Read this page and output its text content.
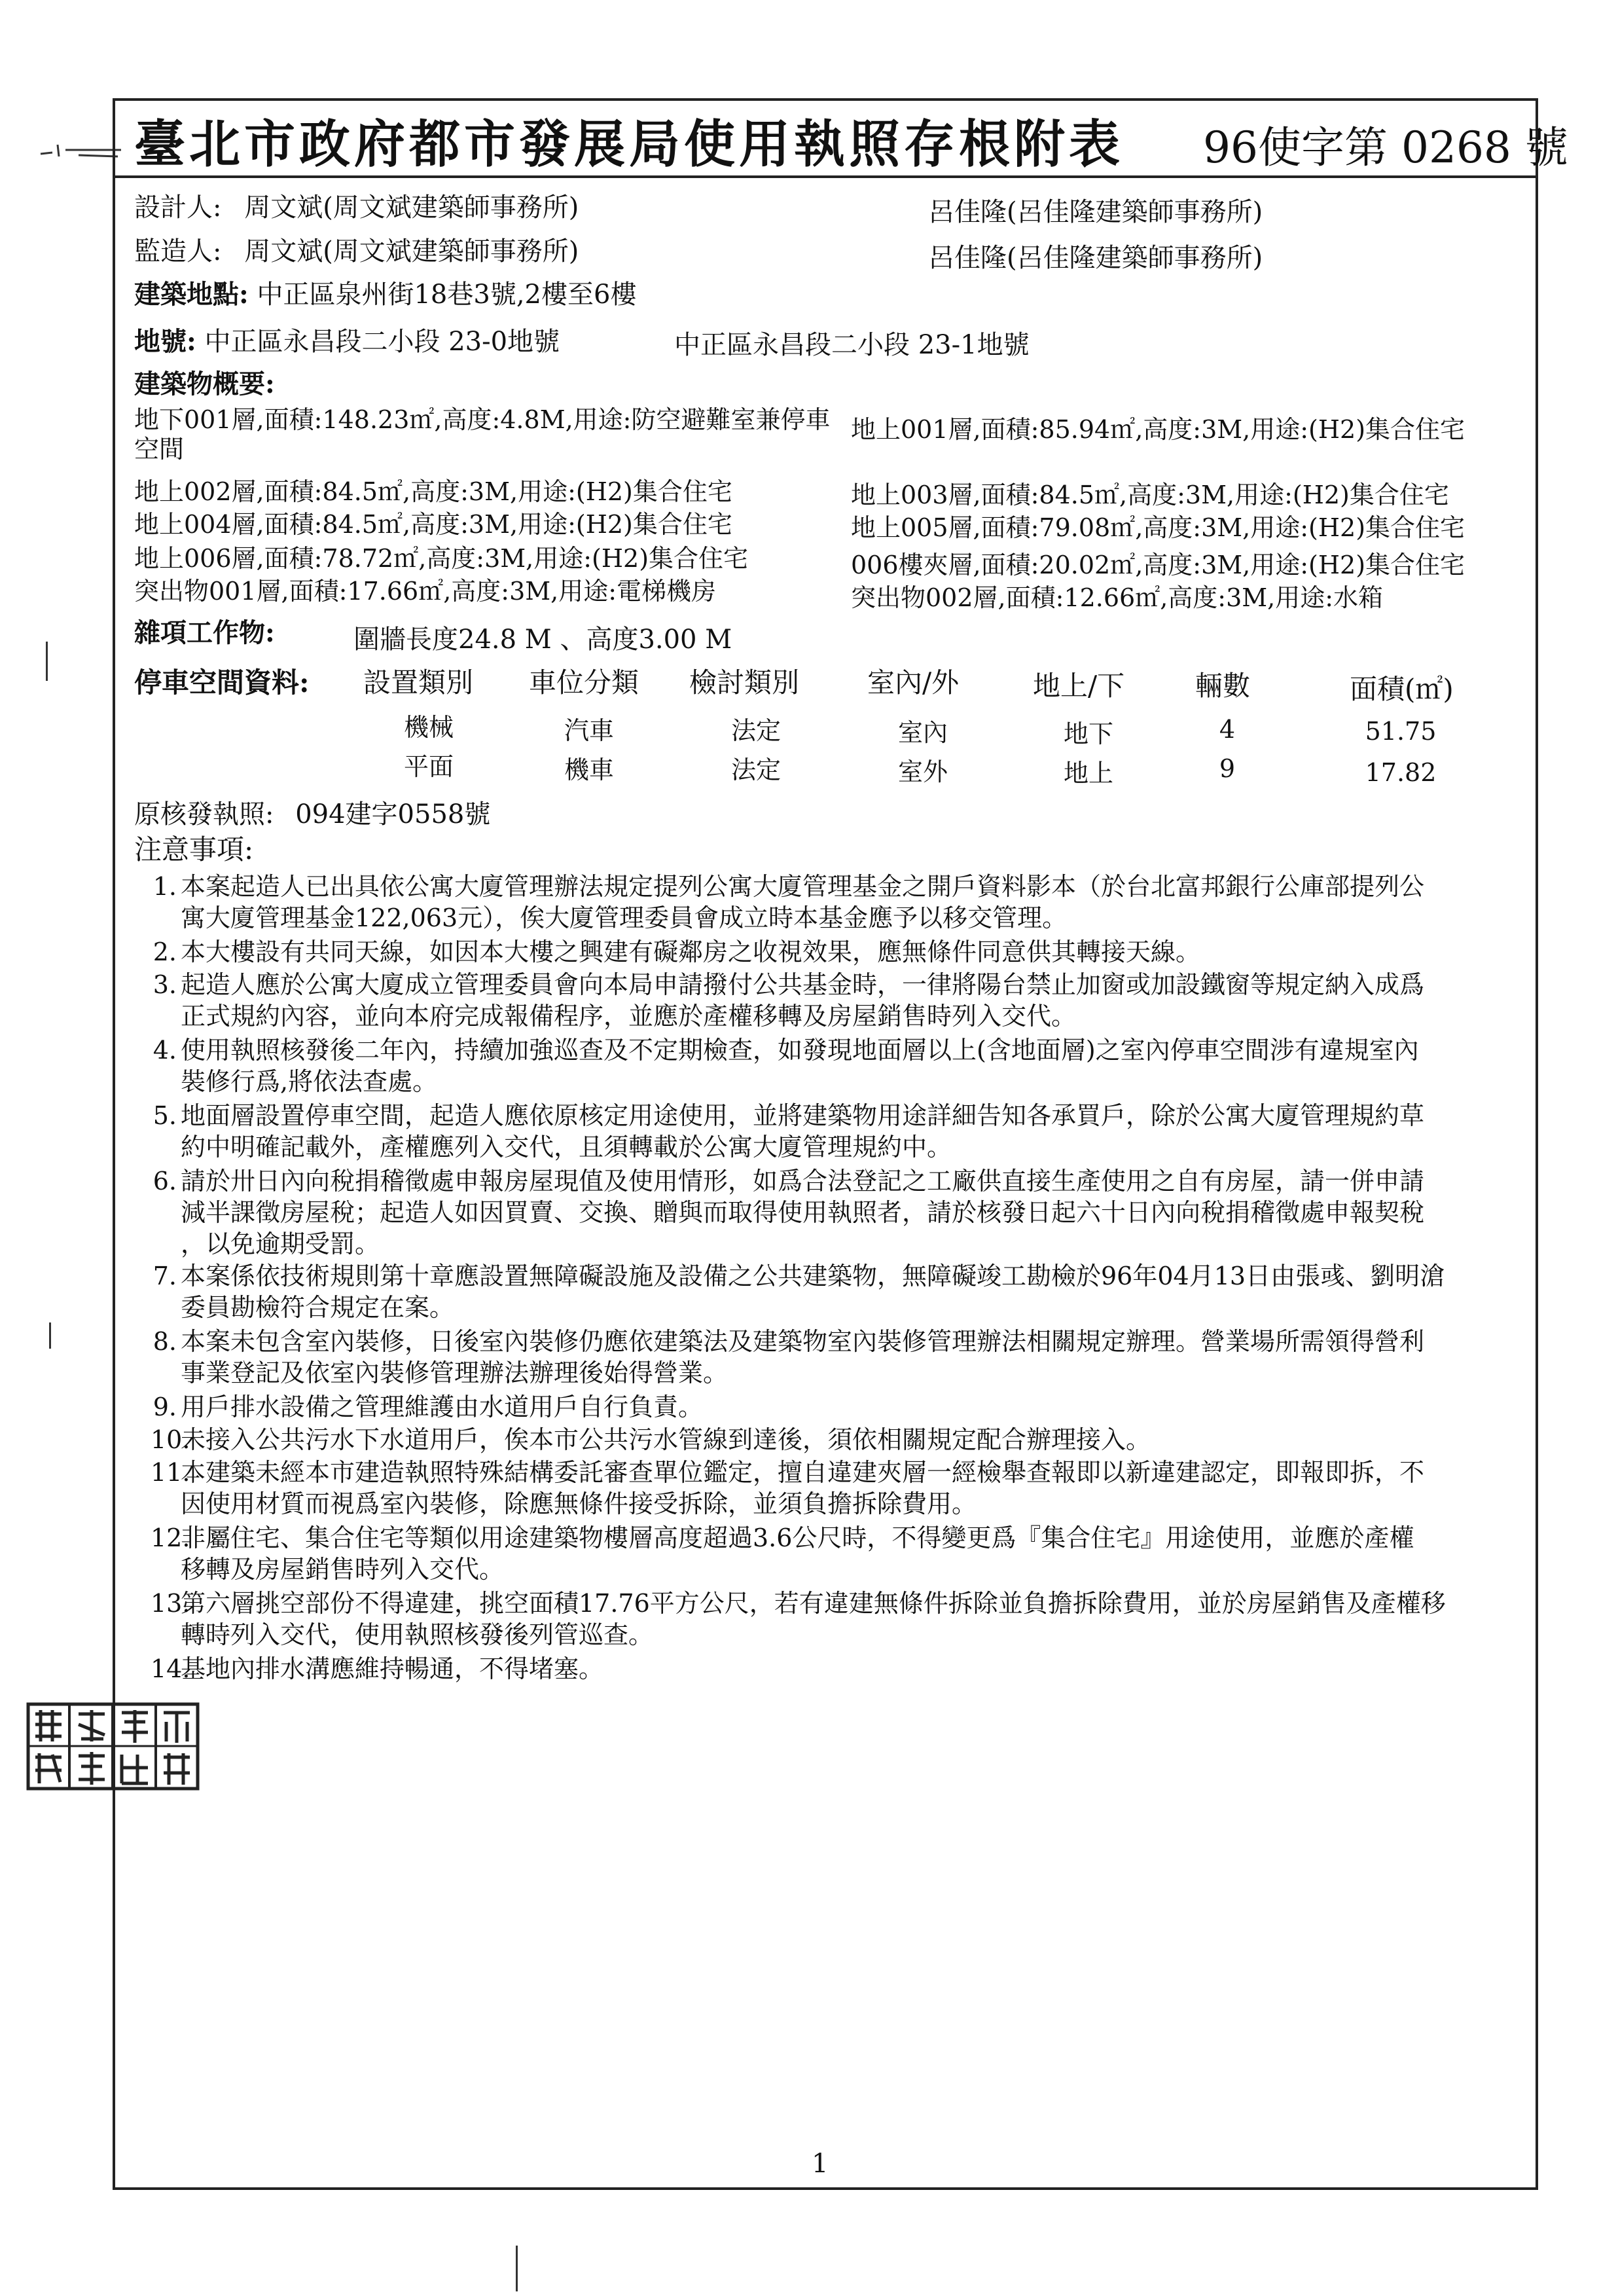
臺北市政府都市發展局使用執照存根附表 96使字第 0268 號
設計人: 周文斌(周文斌建築師事務所)	呂佳隆(呂佳隆建築師事務所)
監造人: 周文斌(周文斌建築師事務所)	呂佳隆(呂佳隆建築師事務所)
建築地點: 中正區泉州街18巷3號,2樓至6樓
地號: 中正區永昌段二小段 23-0地號	中正區永昌段二小段 23-1地號
建築物概要:
地下001層,面積:148.23㎡,高度:4.8M,用途:防空避難室兼停車 地上001層,面積:85.94㎡,高度:3M,用途:(H2)集合住宅
空間
地上002層,面積:84.5㎡,高度:3M,用途:(H2)集合住宅	地上003層,面積:84.5㎡,高度:3M,用途:(H2)集合住宅
地上004層,面積:84.5㎡,高度:3M,用途:(H2)集合住宅	地上005層,面積:79.08㎡,高度:3M,用途:(H2)集合住宅
地上006層,面積:78.72㎡,高度:3M,用途:(H2)集合住宅	006樓夾層,面積:20.02㎡,高度:3M,用途:(H2)集合住宅
突出物001層,面積:17.66㎡,高度:3M,用途:電梯機房	突出物002層,面積:12.66㎡,高度:3M,用途:水箱
雜項工作物:	圍牆長度24.8 M 、高度3.00 M
停車空間資料: 設置類別 車位分類 檢討類別 室內/外	地上/下	輛數	面積(㎡)
機械	汽車	法定	室內	地下	4	51.75
平面	機車	法定	室外	地上	9	17.82
原核發執照: 094建字0558號
注意事項:
1. 本案起造人已出具依公寓大廈管理辦法規定提列公寓大廈管理基金之開戶資料影本（於台北富邦銀行公庫部提列公
寓大廈管理基金122,063元），俟大廈管理委員會成立時本基金應予以移交管理。
2. 本大樓設有共同天線，如因本大樓之興建有礙鄰房之收視效果，應無條件同意供其轉接天線。
3. 起造人應於公寓大廈成立管理委員會向本局申請撥付公共基金時，一律將陽台禁止加窗或加設鐵窗等規定納入成爲
正式規約內容，並向本府完成報備程序，並應於產權移轉及房屋銷售時列入交代。
4. 使用執照核發後二年內，持續加強巡查及不定期檢查，如發現地面層以上(含地面層)之室內停車空間涉有違規室內
裝修行爲,將依法查處。
5. 地面層設置停車空間，起造人應依原核定用途使用，並將建築物用途詳細告知各承買戶，除於公寓大廈管理規約草
約中明確記載外，產權應列入交代，且須轉載於公寓大廈管理規約中。
6. 請於卅日內向稅捐稽徵處申報房屋現值及使用情形，如爲合法登記之工廠供直接生產使用之自有房屋，請一併申請
減半課徵房屋稅；起造人如因買賣、交換、贈與而取得使用執照者，請於核發日起六十日內向稅捐稽徵處申報契稅
，以免逾期受罰。
7. 本案係依技術規則第十章應設置無障礙設施及設備之公共建築物，無障礙竣工勘檢於96年04月13日由張彧、劉明滄
委員勘檢符合規定在案。
8. 本案未包含室內裝修，日後室內裝修仍應依建築法及建築物室內裝修管理辦法相關規定辦理。營業場所需領得營利
事業登記及依室內裝修管理辦法辦理後始得營業。
9. 用戶排水設備之管理維護由水道用戶自行負責。
10.
未接入公共污水下水道用戶，俟本市公共污水管線到達後，須依相關規定配合辦理接入。
11.
本建築未經本市建造執照特殊結構委託審查單位鑑定，擅自違建夾層一經檢舉查報即以新違建認定，即報即拆，不
因使用材質而視爲室內裝修，除應無條件接受拆除，並須負擔拆除費用。
12.
非屬住宅、集合住宅等類似用途建築物樓層高度超過3.6公尺時，不得變更爲『集合住宅』用途使用，並應於產權
移轉及房屋銷售時列入交代。
13.
第六層挑空部份不得違建，挑空面積17.76平方公尺，若有違建無條件拆除並負擔拆除費用，並於房屋銷售及產權移
轉時列入交代，使用執照核發後列管巡查。
14.
基地內排水溝應維持暢通，不得堵塞。
1
